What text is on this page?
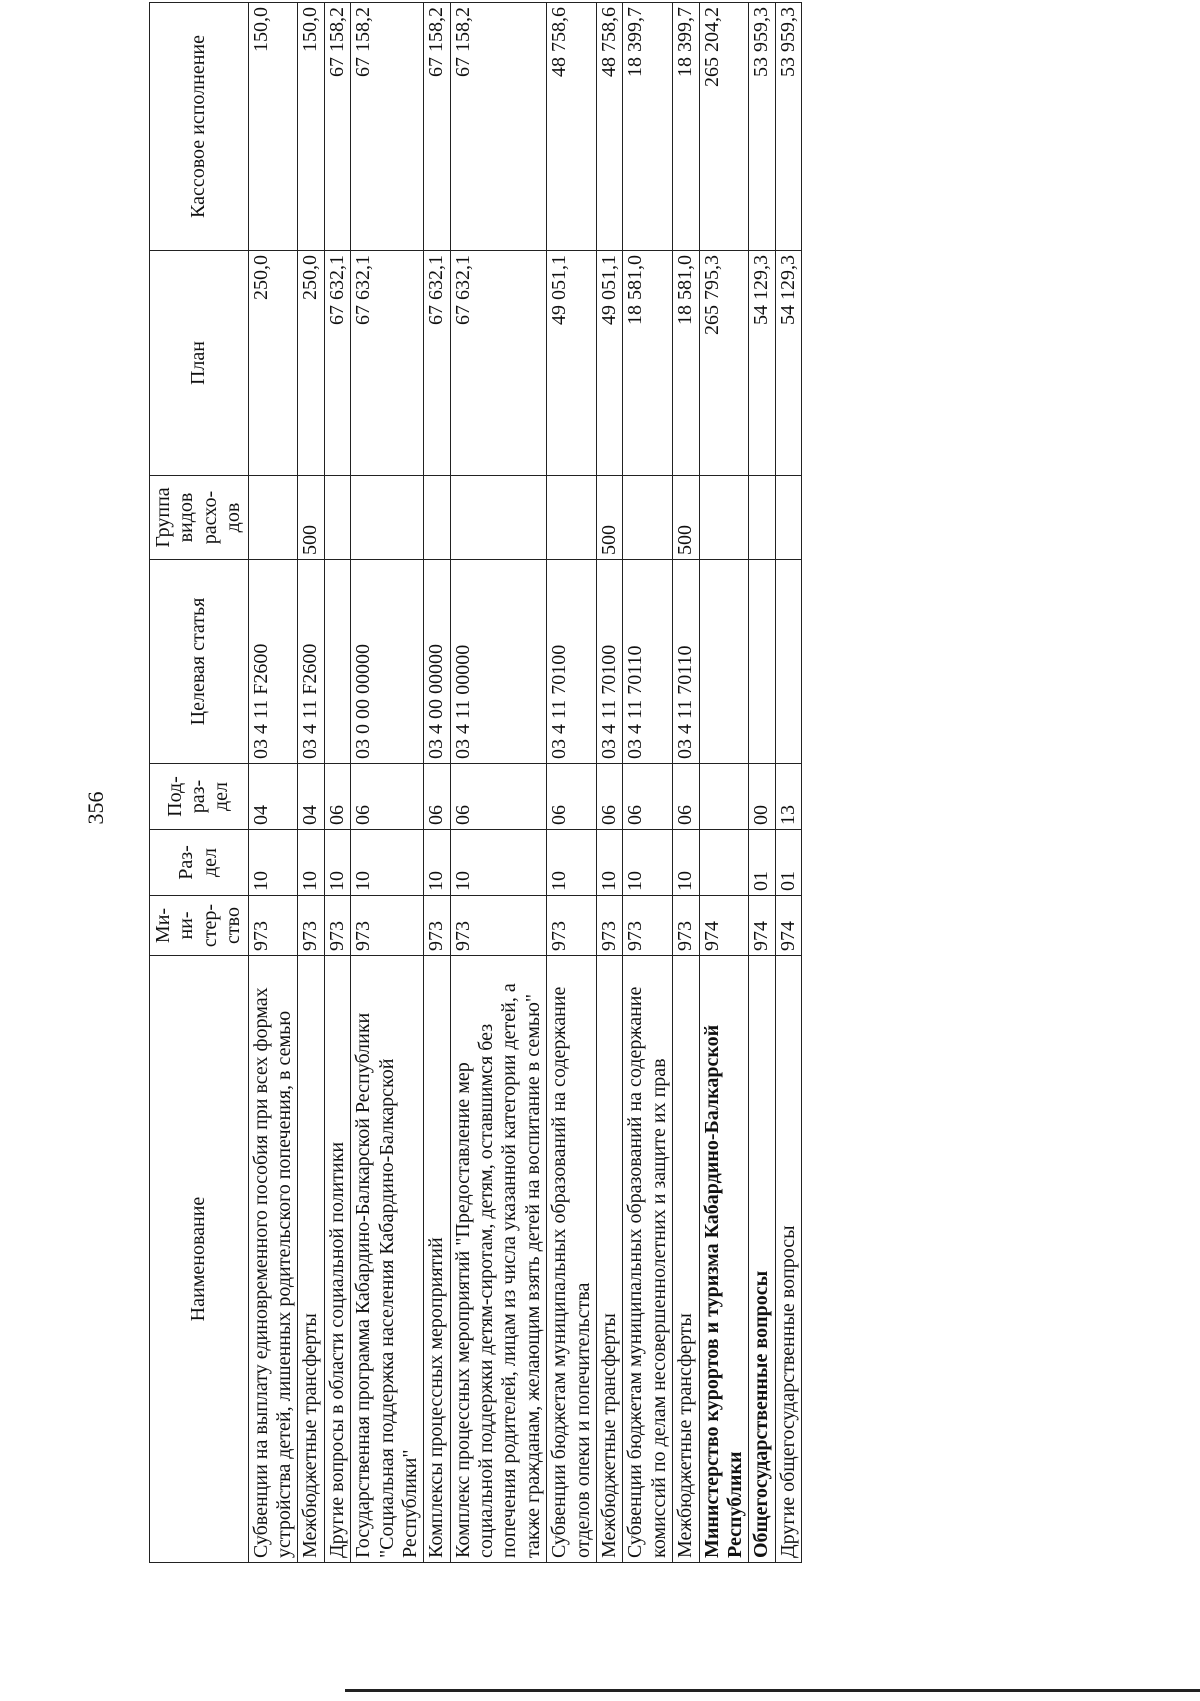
356
Наименование	Ми-ни-стер-ство	Раз-дел	Под-раз-дел	Целевая статья	Группа видов расхо-дов	План	Кассовое исполнение
Субвенции на выплату единовременного пособия при всех формах устройства детей, лишенных родительского попечения, в семью	973	10	04	03 4 11 F2600		250,0	150,0
Межбюджетные трансферты	973	10	04	03 4 11 F2600	500	250,0	150,0
Другие вопросы в области социальной политики	973	10	06			67 632,1	67 158,2
Государственная программа Кабардино-Балкарской Республики "Социальная поддержка населения Кабардино-Балкарской Республики"	973	10	06	03 0 00 00000		67 632,1	67 158,2
Комплексы процессных мероприятий	973	10	06	03 4 00 00000		67 632,1	67 158,2
Комплекс процессных мероприятий "Предоставление мер социальной поддержки детям-сиротам, детям, оставшимся без попечения родителей, лицам из числа указанной категории детей, а также гражданам, желающим взять детей на воспитание в семью"	973	10	06	03 4 11 00000		67 632,1	67 158,2
Субвенции бюджетам муниципальных образований на содержание отделов опеки и попечительства	973	10	06	03 4 11 70100		49 051,1	48 758,6
Межбюджетные трансферты	973	10	06	03 4 11 70100	500	49 051,1	48 758,6
Субвенции бюджетам муниципальных образований на содержание комиссий по делам несовершеннолетних и защите их прав	973	10	06	03 4 11 70110		18 581,0	18 399,7
Межбюджетные трансферты	973	10	06	03 4 11 70110	500	18 581,0	18 399,7
Министерство курортов и туризма Кабардино-Балкарской Республики	974					265 795,3	265 204,2
Общегосударственные вопросы	974	01	00			54 129,3	53 959,3
Другие общегосударственные вопросы	974	01	13			54 129,3	53 959,3
